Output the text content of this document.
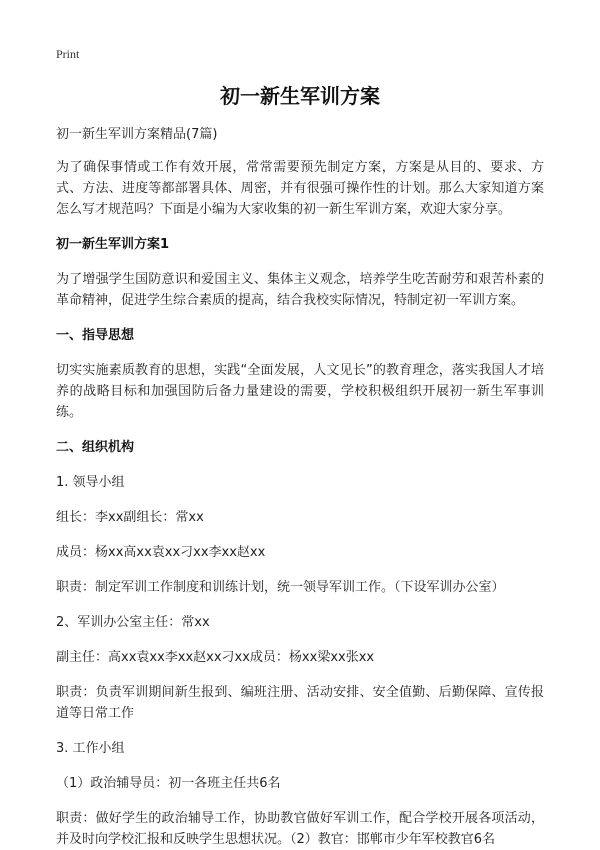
Print
初一新生军训方案

初一新生军训方案精品(7篇)

为了确保事情或工作有效开展，常常需要预先制定方案，方案是从目的、要求、方式、方法、进度等都部署具体、周密，并有很强可操作性的计划。那么大家知道方案怎么写才规范吗？下面是小编为大家收集的初一新生军训方案，欢迎大家分享。

初一新生军训方案1

为了增强学生国防意识和爱国主义、集体主义观念，培养学生吃苦耐劳和艰苦朴素的革命精神，促进学生综合素质的提高，结合我校实际情况，特制定初一军训方案。

一、指导思想

切实实施素质教育的思想，实践“全面发展，人文见长”的教育理念，落实我国人才培养的战略目标和加强国防后备力量建设的需要，学校积极组织开展初一新生军事训练。

二、组织机构

1. 领导小组

组长：李xx副组长：常xx

成员：杨xx高xx袁xx刁xx李xx赵xx

职责：制定军训工作制度和训练计划，统一领导军训工作。（下设军训办公室）

2、军训办公室主任：常xx

副主任：高xx袁xx李xx赵xx刁xx成员：杨xx梁xx张xx

职责：负责军训期间新生报到、编班注册、活动安排、安全值勤、后勤保障、宣传报道等日常工作

3. 工作小组

（1）政治辅导员：初一各班主任共6名

职责：做好学生的政治辅导工作，协助教官做好军训工作，配合学校开展各项活动，并及时向学校汇报和反映学生思想状况。（2）教官：邯郸市少年军校教官6名
